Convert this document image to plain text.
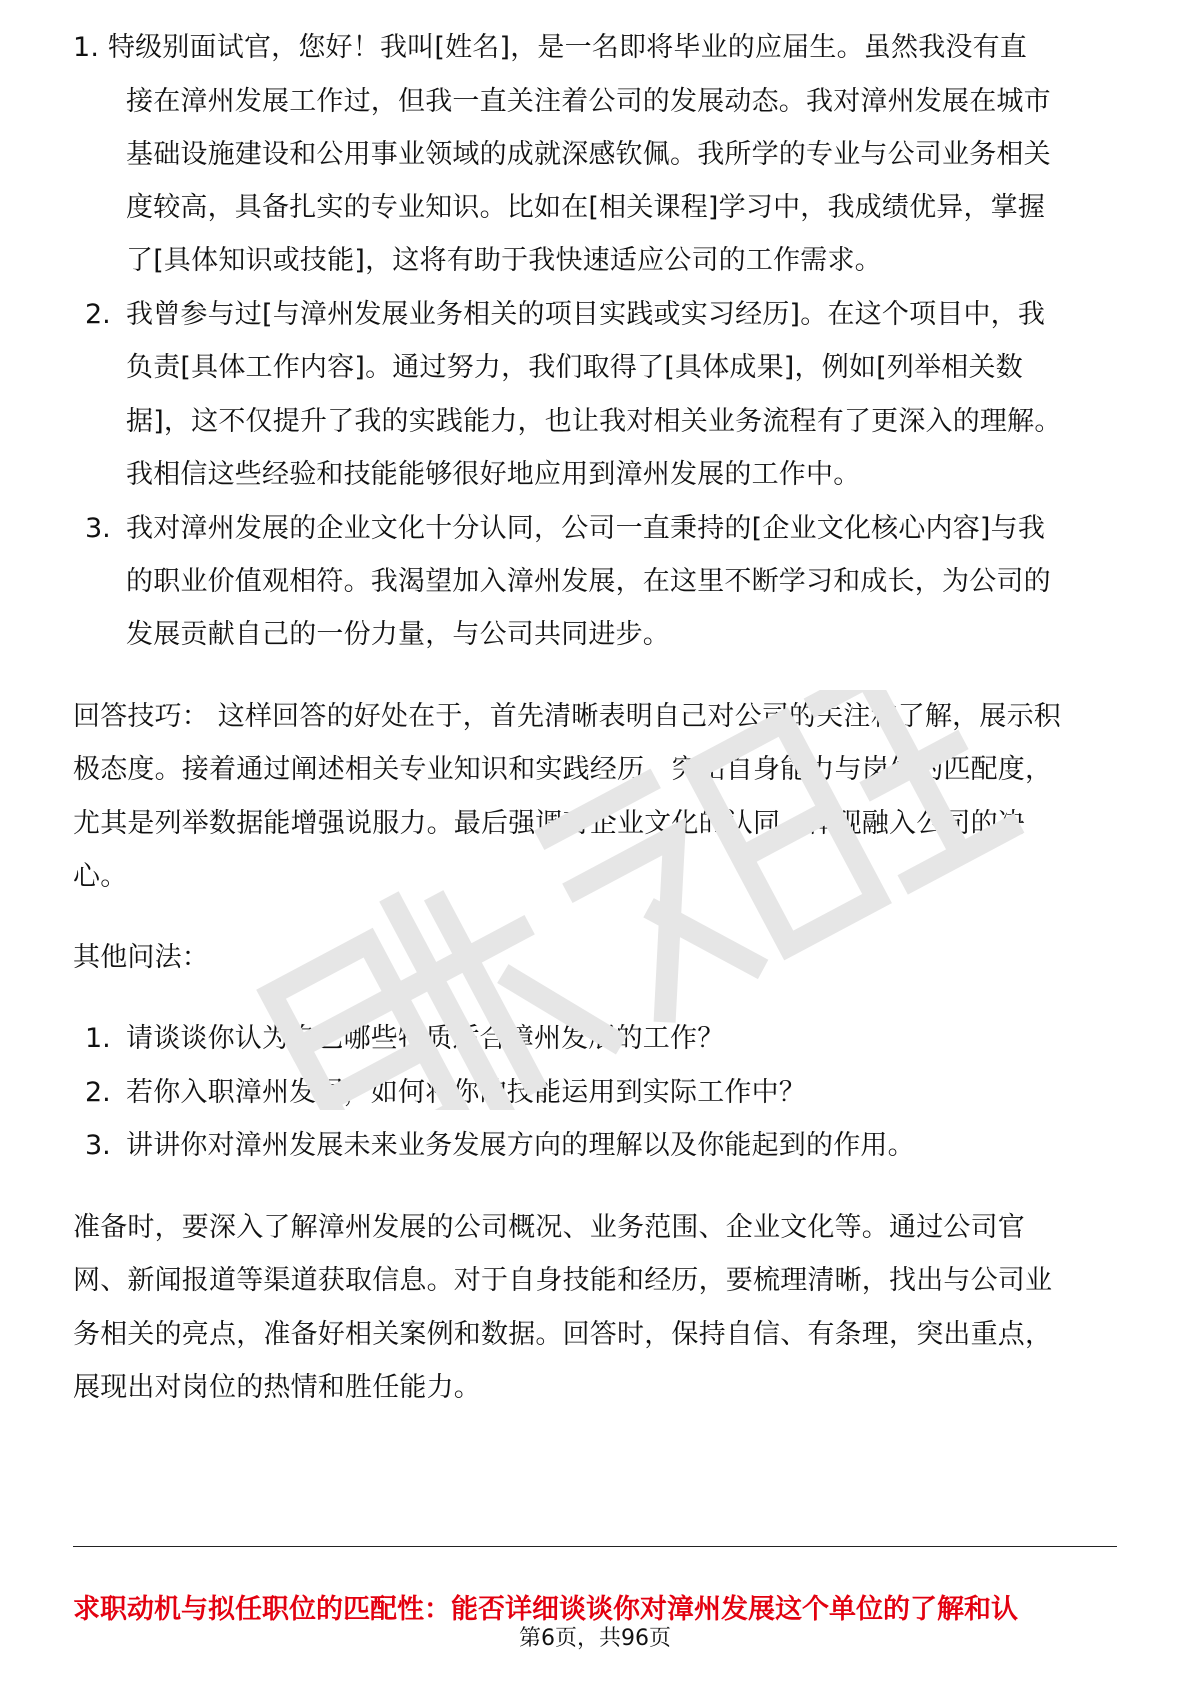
1. 特级别面试官，您好！我叫[姓名]，是一名即将毕业的应届生。虽然我没有直
接在漳州发展工作过，但我一直关注着公司的发展动态。我对漳州发展在城市
基础设施建设和公用事业领域的成就深感钦佩。我所学的专业与公司业务相关
度较高，具备扎实的专业知识。比如在[相关课程]学习中，我成绩优异，掌握
了[具体知识或技能]，这将有助于我快速适应公司的工作需求。
2. 我曾参与过[与漳州发展业务相关的项目实践或实习经历]。在这个项目中，我
负责[具体工作内容]。通过努力，我们取得了[具体成果]，例如[列举相关数
据]，这不仅提升了我的实践能力，也让我对相关业务流程有了更深入的理解。
我相信这些经验和技能能够很好地应用到漳州发展的工作中。
3. 我对漳州发展的企业文化十分认同，公司一直秉持的[企业文化核心内容]与我
的职业价值观相符。我渴望加入漳州发展，在这里不断学习和成长，为公司的
发展贡献自己的一份力量，与公司共同进步。
回答技巧： 这样回答的好处在于，首先清晰表明自己对公司的关注和了解，展示积
极态度。接着通过阐述相关专业知识和实践经历，突出自身能力与岗位的匹配度，
尤其是列举数据能增强说服力。最后强调对企业文化的认同，体现融入公司的决
心。
其他问法：
1. 请谈谈你认为自己哪些特质适合漳州发展的工作？
2. 若你入职漳州发展，如何将你的技能运用到实际工作中？
3. 讲讲你对漳州发展未来业务发展方向的理解以及你能起到的作用。
准备时，要深入了解漳州发展的公司概况、业务范围、企业文化等。通过公司官
网、新闻报道等渠道获取信息。对于自身技能和经历，要梳理清晰，找出与公司业
务相关的亮点，准备好相关案例和数据。回答时，保持自信、有条理，突出重点，
展现出对岗位的热情和胜任能力。
求职动机与拟任职位的匹配性：能否详细谈谈你对漳州发展这个单位的了解和认
第6页，共96页
